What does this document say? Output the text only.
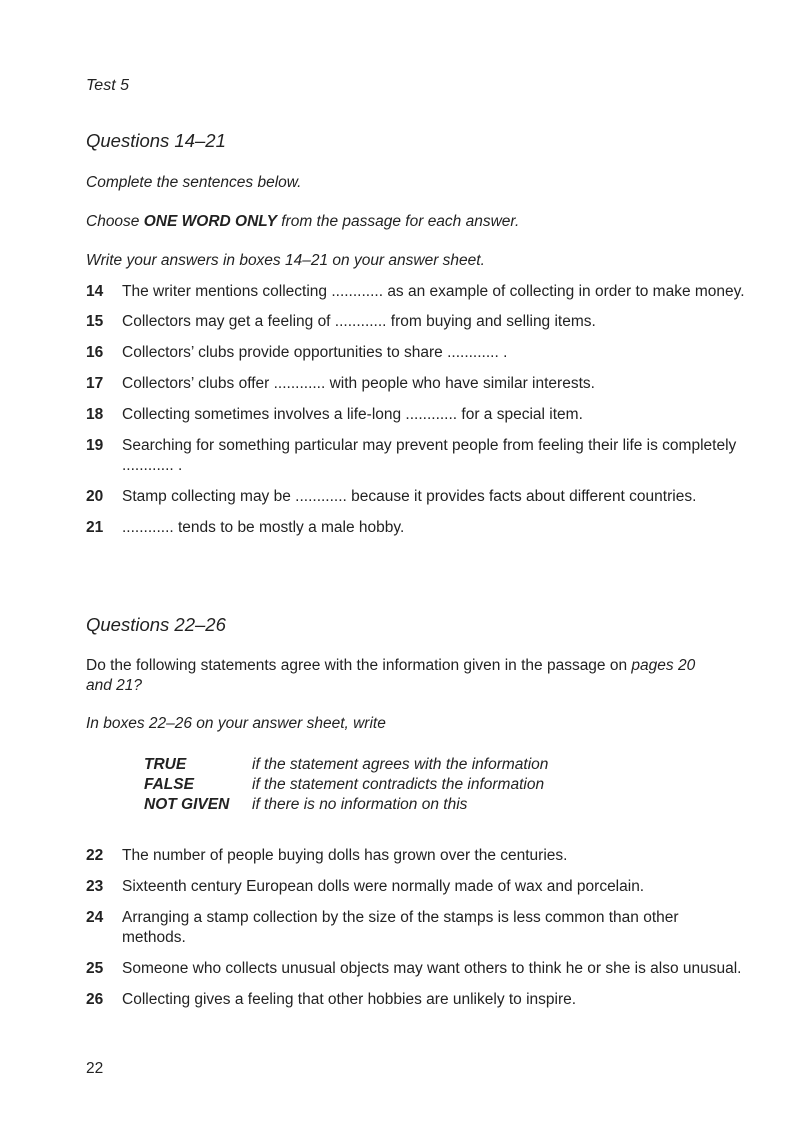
Test 5

Questions 14–21

Complete the sentences below.

Choose ONE WORD ONLY from the passage for each answer.

Write your answers in boxes 14–21 on your answer sheet.

14	The writer mentions collecting ............ as an example of collecting in order to make money.
15	Collectors may get a feeling of ............ from buying and selling items.
16	Collectors’ clubs provide opportunities to share ............ .
17	Collectors’ clubs offer ............ with people who have similar interests.
18	Collecting sometimes involves a life-long ............ for a special item.
19	Searching for something particular may prevent people from feeling their life is completely ............ .
20	Stamp collecting may be ............ because it provides facts about different countries.
21	............ tends to be mostly a male hobby.
Questions 22–26

Do the following statements agree with the information given in the passage on pages 20 and 21?

In boxes 22–26 on your answer sheet, write

TRUE	if the statement agrees with the information
FALSE	if the statement contradicts the information
NOT GIVEN	if there is no information on this
22	The number of people buying dolls has grown over the centuries.
23	Sixteenth century European dolls were normally made of wax and porcelain.
24	Arranging a stamp collection by the size of the stamps is less common than other methods.
25	Someone who collects unusual objects may want others to think he or she is also unusual.
26	Collecting gives a feeling that other hobbies are unlikely to inspire.

22
